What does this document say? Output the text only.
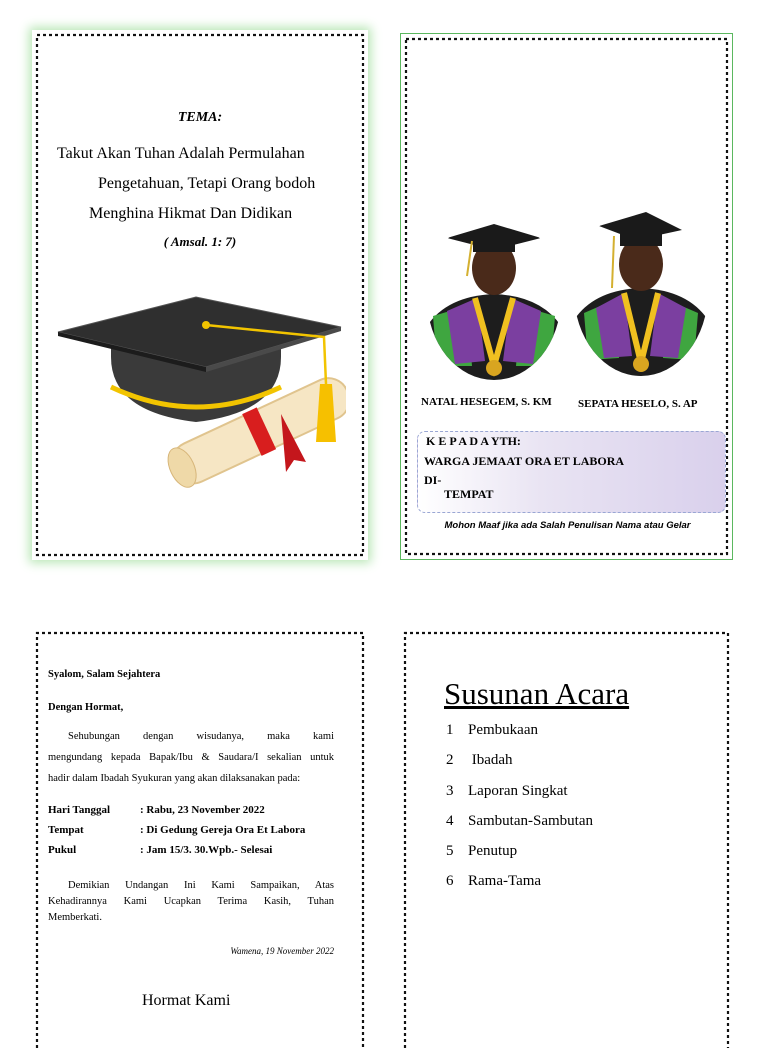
TEMA:
Takut Akan Tuhan Adalah Permulahan
Pengetahuan, Tetapi Orang bodoh
Menghina Hikmat Dan Didikan
( Amsal. 1: 7)
NATAL HESEGEM, S. KM SEPATA HESELO, S. AP
K E P A D A YTH:
WARGA JEMAAT ORA ET LABORA
DI-
TEMPAT
Mohon Maaf jika ada Salah Penulisan Nama atau Gelar
Syalom, Salam Sejahtera
Dengan Hormat,
Sehubungan dengan wisudanya, maka kami
mengundang kepada Bapak/Ibu & Saudara/I sekalian untuk
hadir dalam Ibadah Syukuran yang akan dilaksanakan pada:
Hari Tanggal	: Rabu, 23 November 2022
Tempat	: Di Gedung Gereja Ora Et Labora
Pukul	: Jam 15/3. 30.Wpb.- Selesai
Demikian Undangan Ini Kami Sampaikan, Atas
Kehadirannya Kami Ucapkan Terima Kasih, Tuhan
Memberkati.
Wamena, 19 November 2022
Hormat Kami
Susunan Acara
1 Pembukaan
2 Ibadah
3 Laporan Singkat
4 Sambutan-Sambutan
5 Penutup
6 Rama-Tama
